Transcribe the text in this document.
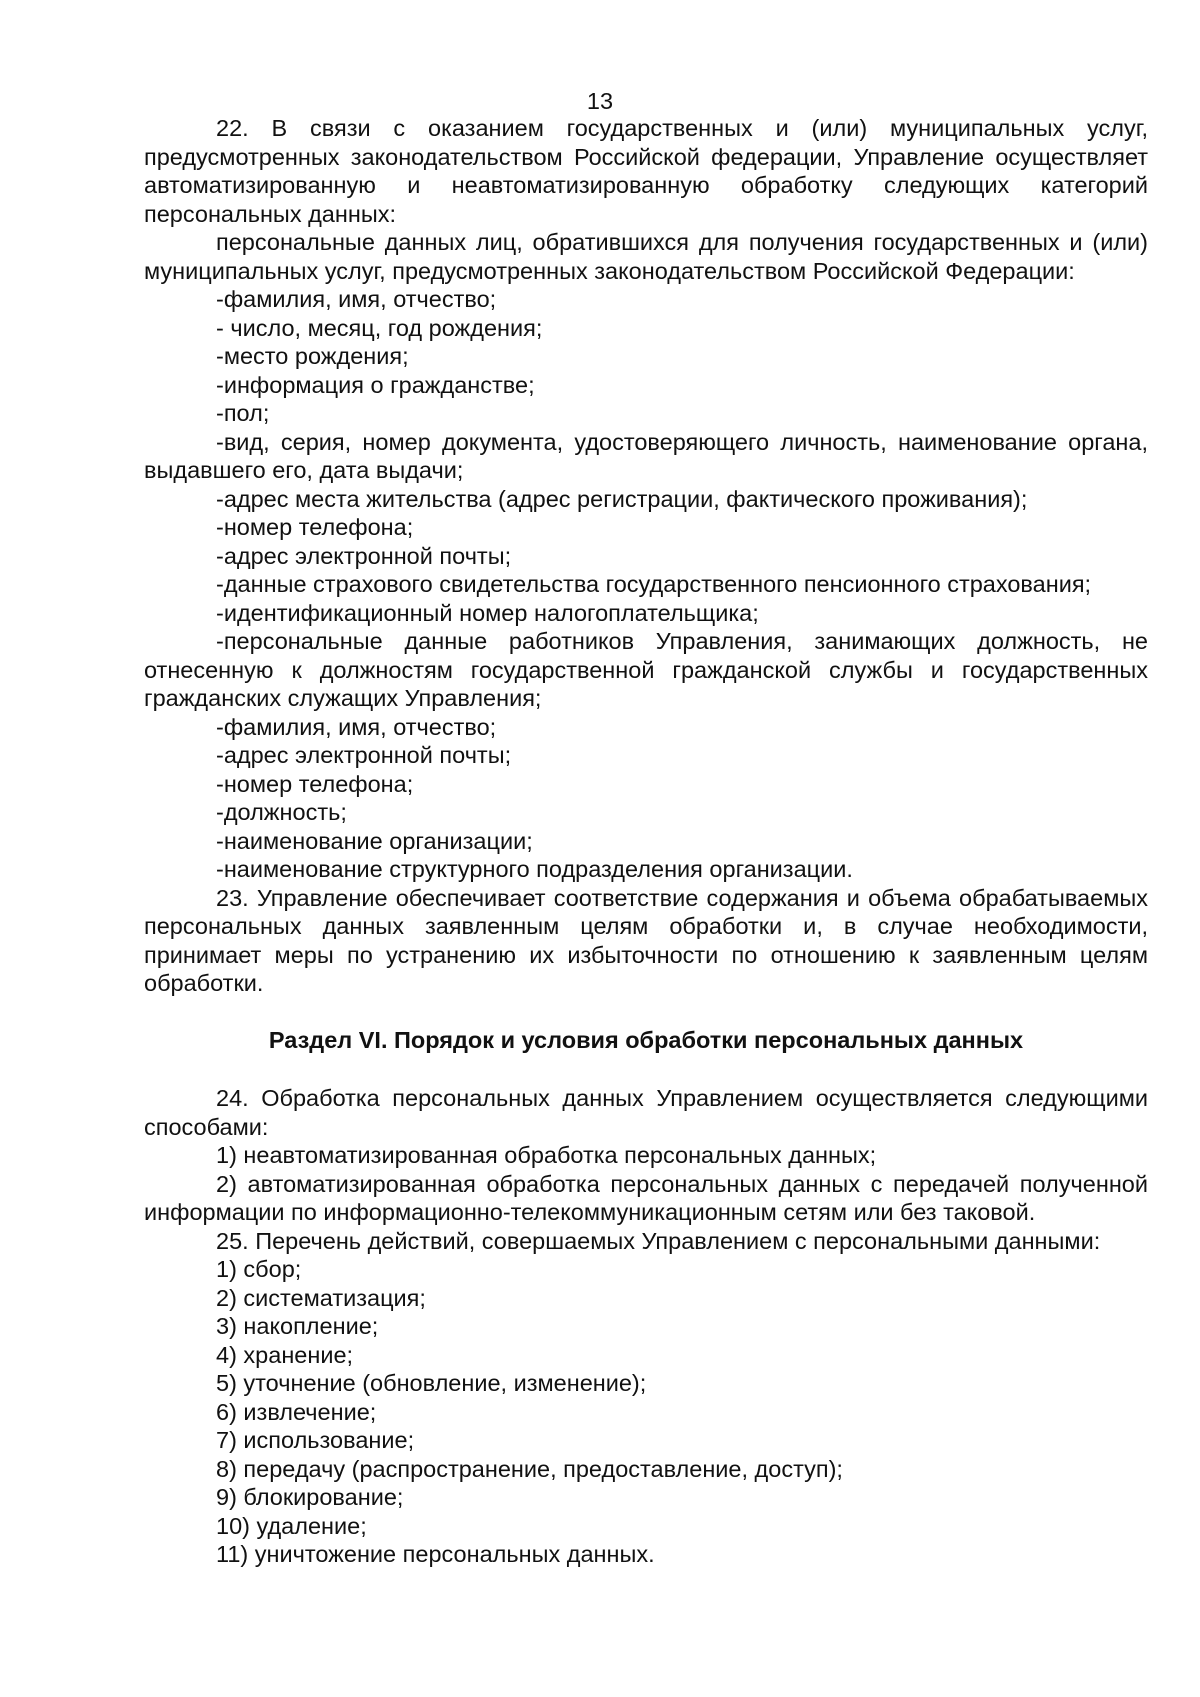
13

22. В связи с оказанием государственных и (или) муниципальных услуг, предусмотренных законодательством Российской федерации, Управление осуществляет автоматизированную и неавтоматизированную обработку следующих категорий персональных данных:

персональные данных лиц, обратившихся для получения государственных и (или) муниципальных услуг, предусмотренных законодательством Российской Федерации:

-фамилия, имя, отчество;

- число, месяц, год рождения;

-место рождения;

-информация о гражданстве;

-пол;

-вид, серия, номер документа, удостоверяющего личность, наименование органа, выдавшего его, дата выдачи;

-адрес места жительства (адрес регистрации, фактического проживания);

-номер телефона;

-адрес электронной почты;

-данные страхового свидетельства государственного пенсионного страхования;

-идентификационный номер налогоплательщика;

-персональные данные работников Управления, занимающих должность, не отнесенную к должностям государственной гражданской службы и государственных гражданских служащих Управления;

-фамилия, имя, отчество;

-адрес электронной почты;

-номер телефона;

-должность;

-наименование организации;

-наименование структурного подразделения организации.

23. Управление обеспечивает соответствие содержания и объема обрабатываемых персональных данных заявленным целям обработки и, в случае необходимости, принимает меры по устранению их избыточности по отношению к заявленным целям обработки.

Раздел VI. Порядок и условия обработки персональных данных

24. Обработка персональных данных Управлением осуществляется следующими способами:

1) неавтоматизированная обработка персональных данных;

2) автоматизированная обработка персональных данных с передачей полученной информации по информационно-телекоммуникационным сетям или без таковой.

25. Перечень действий, совершаемых Управлением с персональными данными:

1) сбор;

2) систематизация;

3) накопление;

4) хранение;

5) уточнение (обновление, изменение);

6) извлечение;

7) использование;

8) передачу (распространение, предоставление, доступ);

9) блокирование;

10) удаление;

11) уничтожение персональных данных.
